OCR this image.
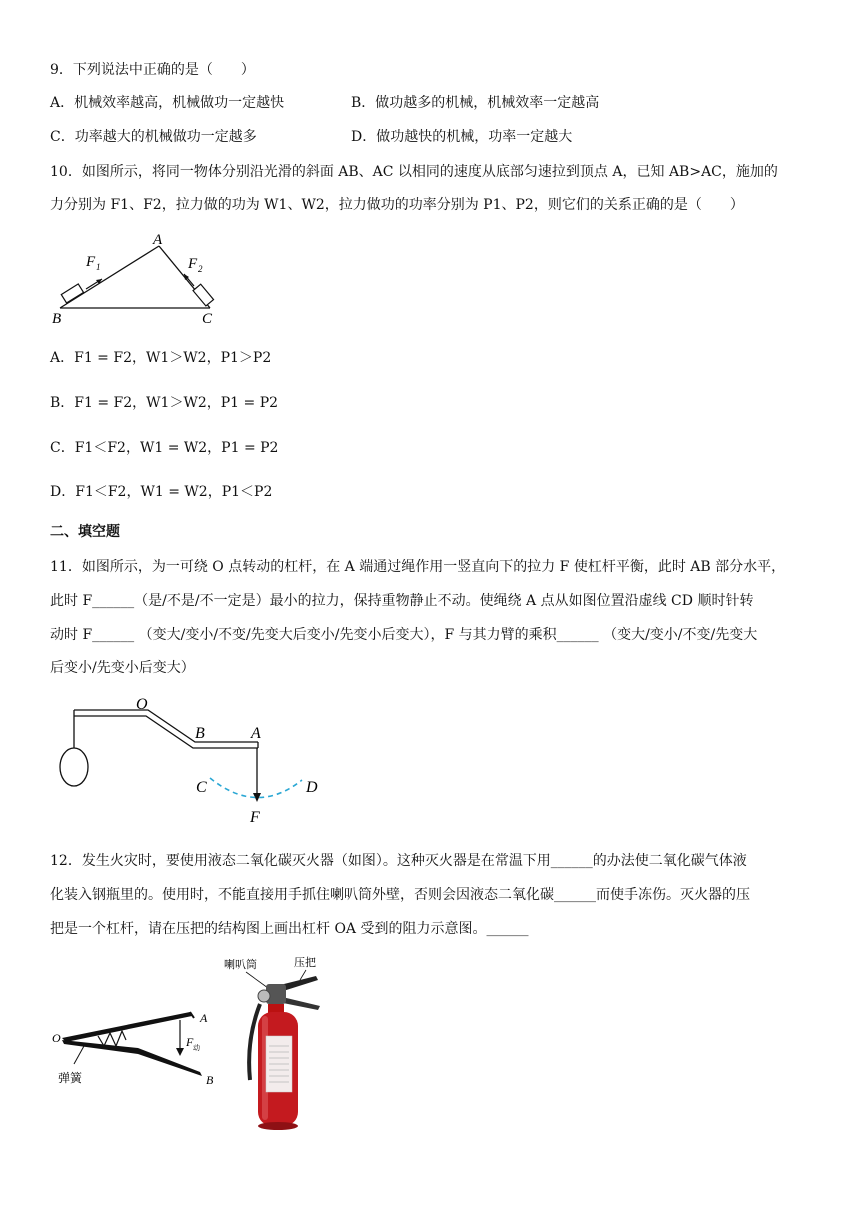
9．下列说法中正确的是（　　）
A．机械效率越高，机械做功一定越快	B．做功越多的机械，机械效率一定越高
C．功率越大的机械做功一定越多	D．做功越快的机械，功率一定越大
10．如图所示，将同一物体分别沿光滑的斜面 AB、AC 以相同的速度从底部匀速拉到顶点 A，已知 AB>AC，施加的
力分别为 F1、F2，拉力做的功为 W1、W2，拉力做功的功率分别为 P1、P2，则它们的关系正确的是（　　）
A
B	C
F 1	F 2
A．F1 = F2，W1＞W2，P1＞P2
B．F1 = F2，W1＞W2，P1 = P2
C．F1＜F2，W1 = W2，P1 = P2
D．F1＜F2，W1 = W2，P1＜P2
二、填空题
11．如图所示，为一可绕 O 点转动的杠杆，在 A 端通过绳作用一竖直向下的拉力 F 使杠杆平衡，此时 AB 部分水平，
此时 F______（是/不是/不一定是）最小的拉力，保持重物静止不动。使绳绕 A 点从如图位置沿虚线 CD 顺时针转
动时 F______ （变大/变小/不变/先变大后变小/先变小后变大），F 与其力臂的乘积______ （变大/变小/不变/先变大
后变小/先变小后变大）
O
B	A
C	D
F
12．发生火灾时，要使用液态二氧化碳灭火器（如图）。这种灭火器是在常温下用______的办法使二氧化碳气体液
化装入钢瓶里的。使用时，不能直接用手抓住喇叭筒外壁，否则会因液态二氧化碳______而使手冻伤。灭火器的压
把是一个杠杆，请在压把的结构图上画出杠杆 OA 受到的阻力示意图。______
O
A
B
F 动
弹簧
喇叭筒	压把
